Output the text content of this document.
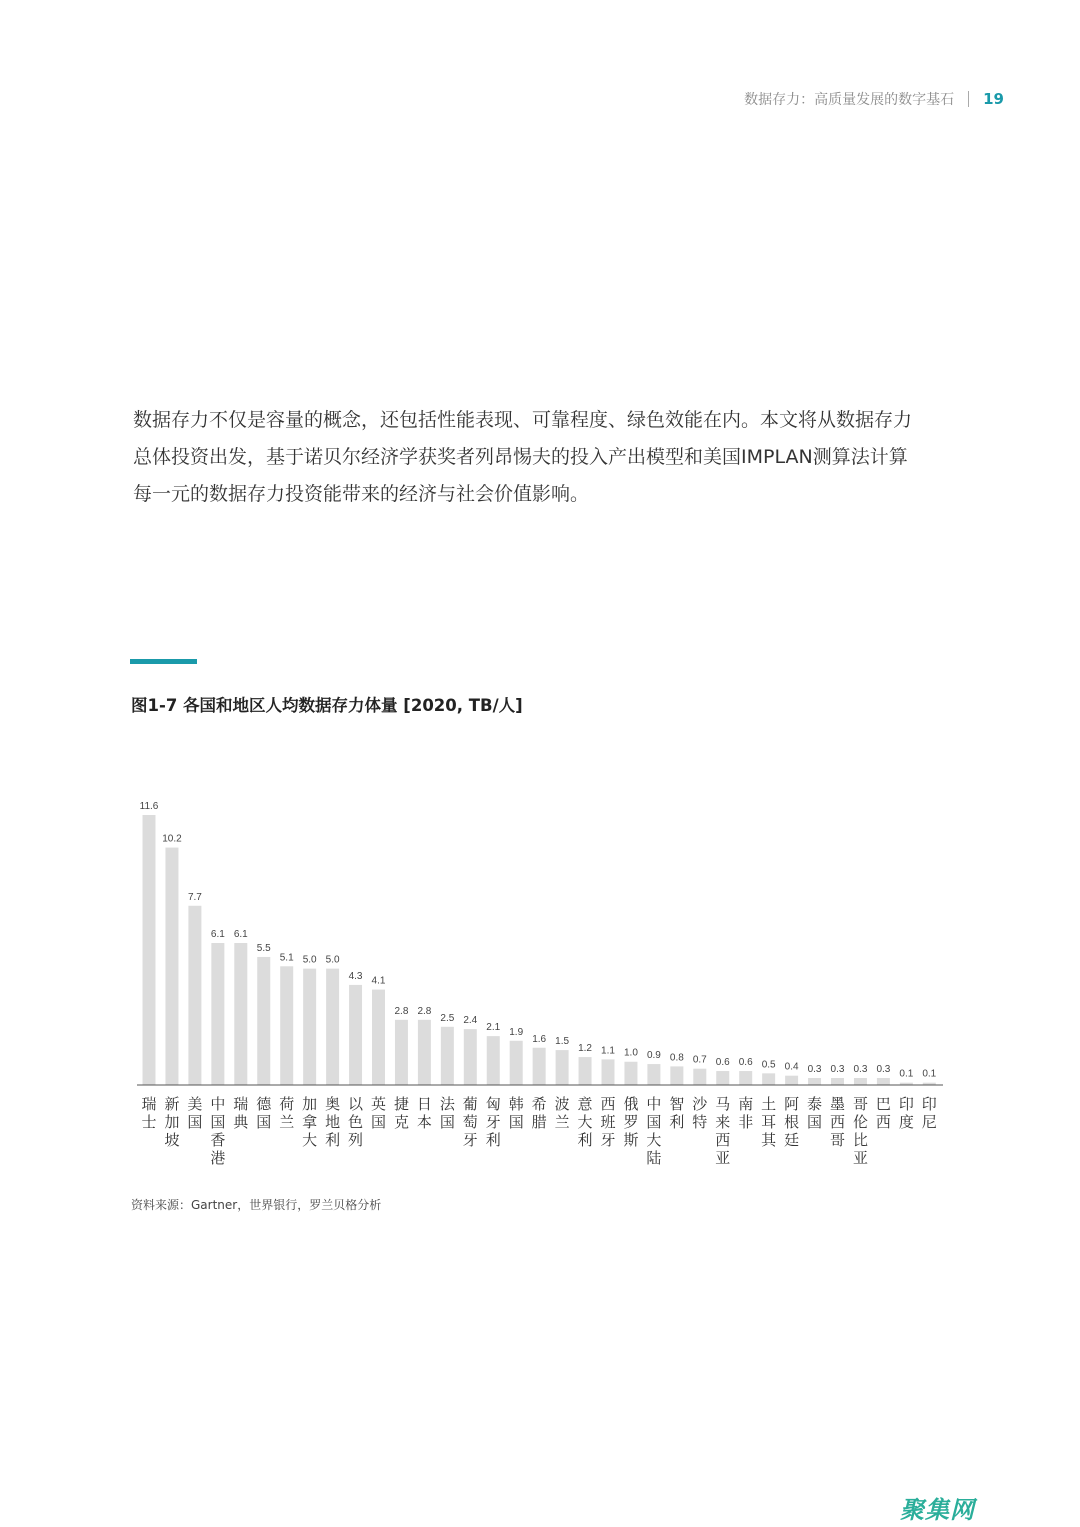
数据存力：高质量发展的数字基石 19
数据存力不仅是容量的概念，还包括性能表现、可靠程度、绿色效能在内。本文将从数据存力
总体投资出发，基于诺贝尔经济学获奖者列昂惕夫的投入产出模型和美国IMPLAN测算法计算
每一元的数据存力投资能带来的经济与社会价值影响。
图1-7 各国和地区人均数据存力体量 [2020, TB/人]
11.6
瑞士
10.2
新加坡
7.7
美国
6.1
中国香港
6.1
瑞典
5.5
德国
5.1
荷兰
5.0
加拿大
5.0
奥地利
4.3
以色列
4.1
英国
2.8
捷克
2.8
日本
2.5
法国
2.4
葡萄牙
2.1
匈牙利
1.9
韩国
1.6
希腊
1.5
波兰
1.2
意大利
1.1
西班牙
1.0
俄罗斯
0.9
中国大陆
0.8
智利
0.7
沙特
0.6
马来西亚
0.6
南非
0.5
土耳其
0.4
阿根廷
0.3
泰国
0.3
墨西哥
0.3
哥伦比亚
0.3
巴西
0.1
印度
0.1
印尼
资料来源：Gartner，世界银行，罗兰贝格分析
聚集网
